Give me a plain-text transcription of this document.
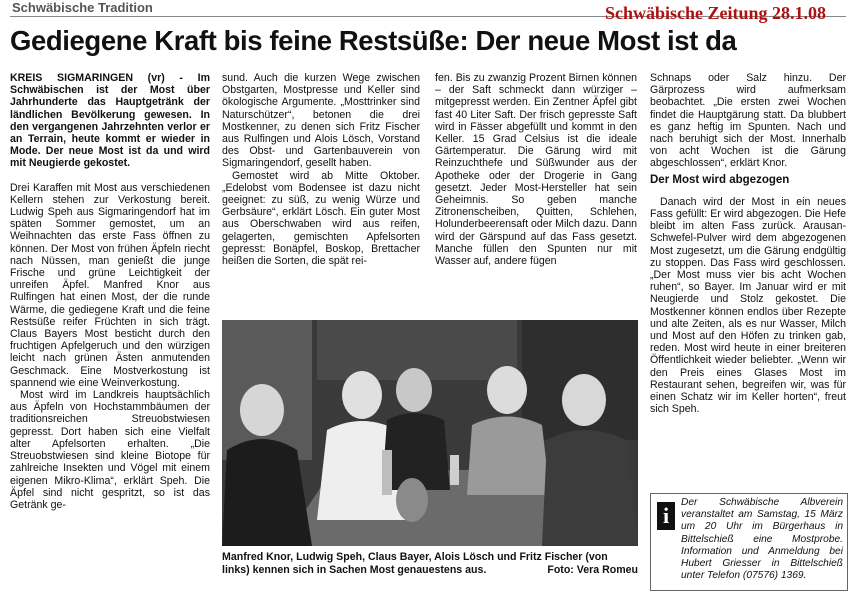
Schwäbische Tradition	Schwäbische Zeitung 28.1.08
Gediegene Kraft bis feine Restsüße: Der neue Most ist da

KREIS SIGMARINGEN (vr) - Im Schwäbischen ist der Most über Jahrhunderte das Hauptgetränk der ländlichen Bevölkerung gewesen. In den vergangenen Jahrzehnten verlor er an Terrain, heute kommt er wieder in Mode. Der neue Most ist da und wird mit Neugierde gekostet.

Drei Karaffen mit Most aus verschiedenen Kellern stehen zur Verkostung bereit. Ludwig Speh aus Sigmaringendorf hat im späten Sommer gemostet, um an Weihnachten das erste Fass öffnen zu können. Der Most von frühen Äpfeln riecht nach Nüssen, man genießt die junge Frische und grüne Leichtigkeit der unreifen Äpfel. Manfred Knor aus Rulfingen hat einen Most, der die runde Wärme, die gediegene Kraft und die feine Restsüße reifer Früchten in sich trägt. Claus Bayers Most besticht durch den fruchtigen Apfelgeruch und den würzigen leicht nach grünen Ästen anmutenden Geschmack. Eine Mostverkostung ist spannend wie eine Weinverkostung.

Most wird im Landkreis hauptsächlich aus Äpfeln von Hochstammbäumen der traditionsreichen Streuobstwiesen gepresst. Dort haben sich eine Vielfalt alter Apfelsorten erhalten. „Die Streuobstwiesen sind kleine Biotope für zahlreiche Insekten und Vögel mit einem eigenen Mikro-Klima“, erklärt Speh. Die Äpfel sind nicht gespritzt, so ist das Getränk ge-

sund. Auch die kurzen Wege zwischen Obstgarten, Mostpresse und Keller sind ökologische Argumente. „Mosttrinker sind Naturschützer“, betonen die drei Mostkenner, zu denen sich Fritz Fischer aus Rulfingen und Alois Lösch, Vorstand des Obst- und Gartenbauverein von Sigmaringendorf, gesellt haben.

Gemostet wird ab Mitte Oktober. „Edelobst vom Bodensee ist dazu nicht geeignet: zu süß, zu wenig Würze und Gerbsäure“, erklärt Lösch. Ein guter Most aus Oberschwaben wird aus reifen, gelagerten, gemischten Apfelsorten gepresst: Bonäpfel, Boskop, Brettacher heißen die Sorten, die spät rei-

fen. Bis zu zwanzig Prozent Birnen können – der Saft schmeckt dann würziger – mitgepresst werden. Ein Zentner Äpfel gibt fast 40 Liter Saft. Der frisch gepresste Saft wird in Fässer abgefüllt und kommt in den Keller. 15 Grad Celsius ist die ideale Gärtemperatur. Die Gärung wird mit Reinzuchthefe und Süßwunder aus der Apotheke oder der Drogerie in Gang gesetzt. Jeder Most-Hersteller hat sein Geheimnis. So geben manche Zitronenscheiben, Quitten, Schlehen, Holunderbeerensaft oder Milch dazu. Dann wird der Gärspund auf das Fass gesetzt. Manche füllen den Spunten nur mit Wasser auf, andere fügen

Schnaps oder Salz hinzu. Der Gärprozess wird aufmerksam beobachtet. „Die ersten zwei Wochen findet die Hauptgärung statt. Da blubbert es ganz heftig im Spunten. Nach und nach beruhigt sich der Most. Innerhalb von acht Wochen ist die Gärung abgeschlossen“, erklärt Knor.

Der Most wird abgezogen

Danach wird der Most in ein neues Fass gefüllt: Er wird abgezogen. Die Hefe bleibt im alten Fass zurück. Arausan-Schwefel-Pulver wird dem abgezogenen Most zugesetzt, um die Gärung endgültig zu stoppen. Das Fass wird geschlossen. „Der Most muss vier bis acht Wochen ruhen“, so Bayer. Im Januar wird er mit Neugierde und Stolz gekostet. Die Mostkenner können endlos über Rezepte und alte Zeiten, als es nur Wasser, Milch und Most auf den Höfen zu trinken gab, reden. Most wird heute in einer breiteren Öffentlichkeit wieder beliebter. „Wenn wir den Preis eines Glases Most im Restaurant sehen, begreifen wir, was für einen Schatz wir im Keller horten“, freut sich Speh.

Manfred Knor, Ludwig Speh, Claus Bayer, Alois Lösch und Fritz Fischer (von links) kennen sich in Sachen Most genauestens aus.	Foto: Vera Romeu
i
Der Schwäbische Albverein veranstaltet am Samstag, 15 März um 20 Uhr im Bürgerhaus in Bittelschieß eine Mostprobe. Information und Anmeldung bei Hubert Griesser in Bittelschieß unter Telefon (07576) 1369.
